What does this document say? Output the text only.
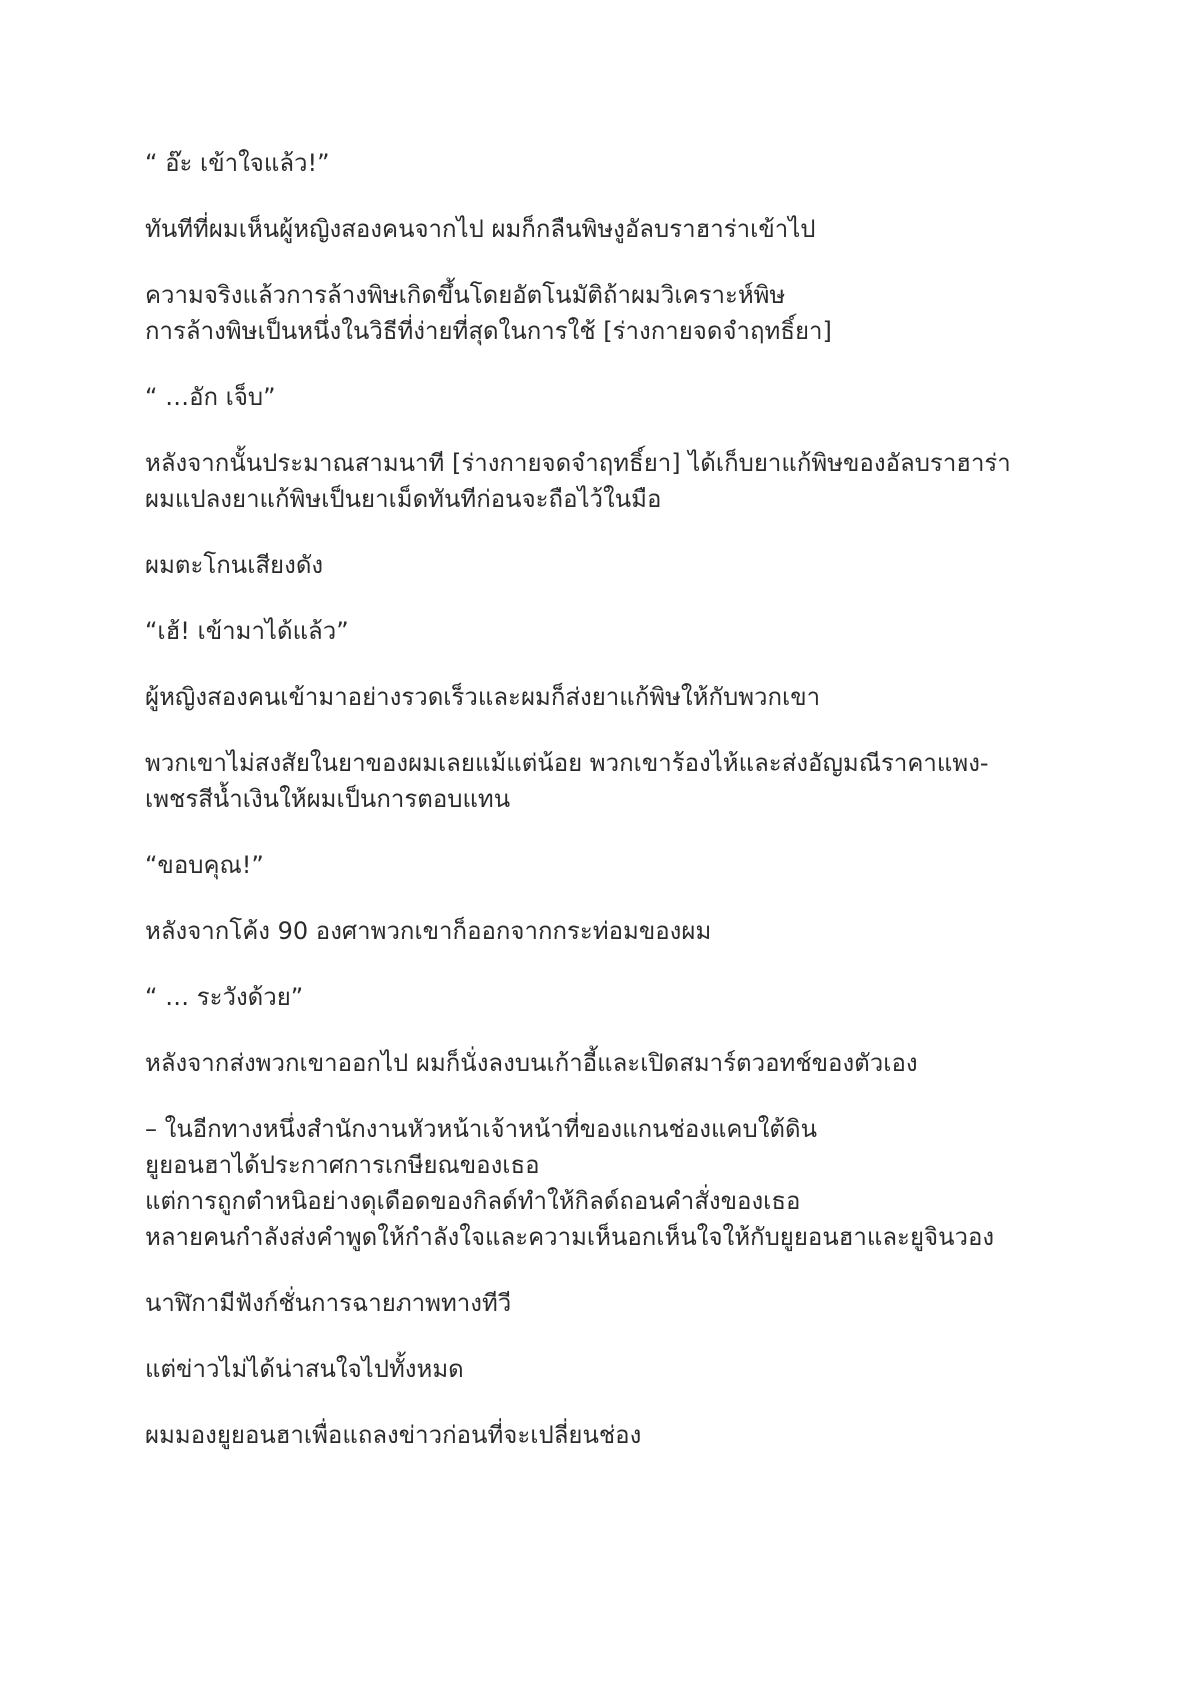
“ อ๊ะ เข้าใจแล้ว!”

ทันทีที่ผมเห็นผู้หญิงสองคนจากไป ผมก็กลืนพิษงูอัลบราฮาร่าเข้าไป

ความจริงแล้วการล้างพิษเกิดขึ้นโดยอัตโนมัติถ้าผมวิเคราะห์พิษ
การล้างพิษเป็นหนึ่งในวิธีที่ง่ายที่สุดในการใช้ [ร่างกายจดจำฤทธิ์ยา]

“ …อัก เจ็บ”

หลังจากนั้นประมาณสามนาที [ร่างกายจดจำฤทธิ์ยา] ได้เก็บยาแก้พิษของอัลบราฮาร่า
ผมแปลงยาแก้พิษเป็นยาเม็ดทันทีก่อนจะถือไว้ในมือ

ผมตะโกนเสียงดัง

“เฮ้! เข้ามาได้แล้ว”

ผู้หญิงสองคนเข้ามาอย่างรวดเร็วและผมก็ส่งยาแก้พิษให้กับพวกเขา

พวกเขาไม่สงสัยในยาของผมเลยแม้แต่น้อย พวกเขาร้องไห้และส่งอัญมณีราคาแพง-
เพชรสีน้ำเงินให้ผมเป็นการตอบแทน

“ขอบคุณ!”

หลังจากโค้ง 90 องศาพวกเขาก็ออกจากกระท่อมของผม

“ … ระวังด้วย”

หลังจากส่งพวกเขาออกไป ผมก็นั่งลงบนเก้าอี้และเปิดสมาร์ตวอทช์ของตัวเอง

– ในอีกทางหนึ่งสำนักงานหัวหน้าเจ้าหน้าที่ของแกนช่องแคบใต้ดิน
ยูยอนฮาได้ประกาศการเกษียณของเธอ
แต่การถูกตำหนิอย่างดุเดือดของกิลด์ทำให้กิลด์ถอนคำสั่งของเธอ
หลายคนกำลังส่งคำพูดให้กำลังใจและความเห็นอกเห็นใจให้กับยูยอนฮาและยูจินวอง

นาฬิกามีฟังก์ชั่นการฉายภาพทางทีวี

แต่ข่าวไม่ได้น่าสนใจไปทั้งหมด

ผมมองยูยอนฮาเพื่อแถลงข่าวก่อนที่จะเปลี่ยนช่อง
